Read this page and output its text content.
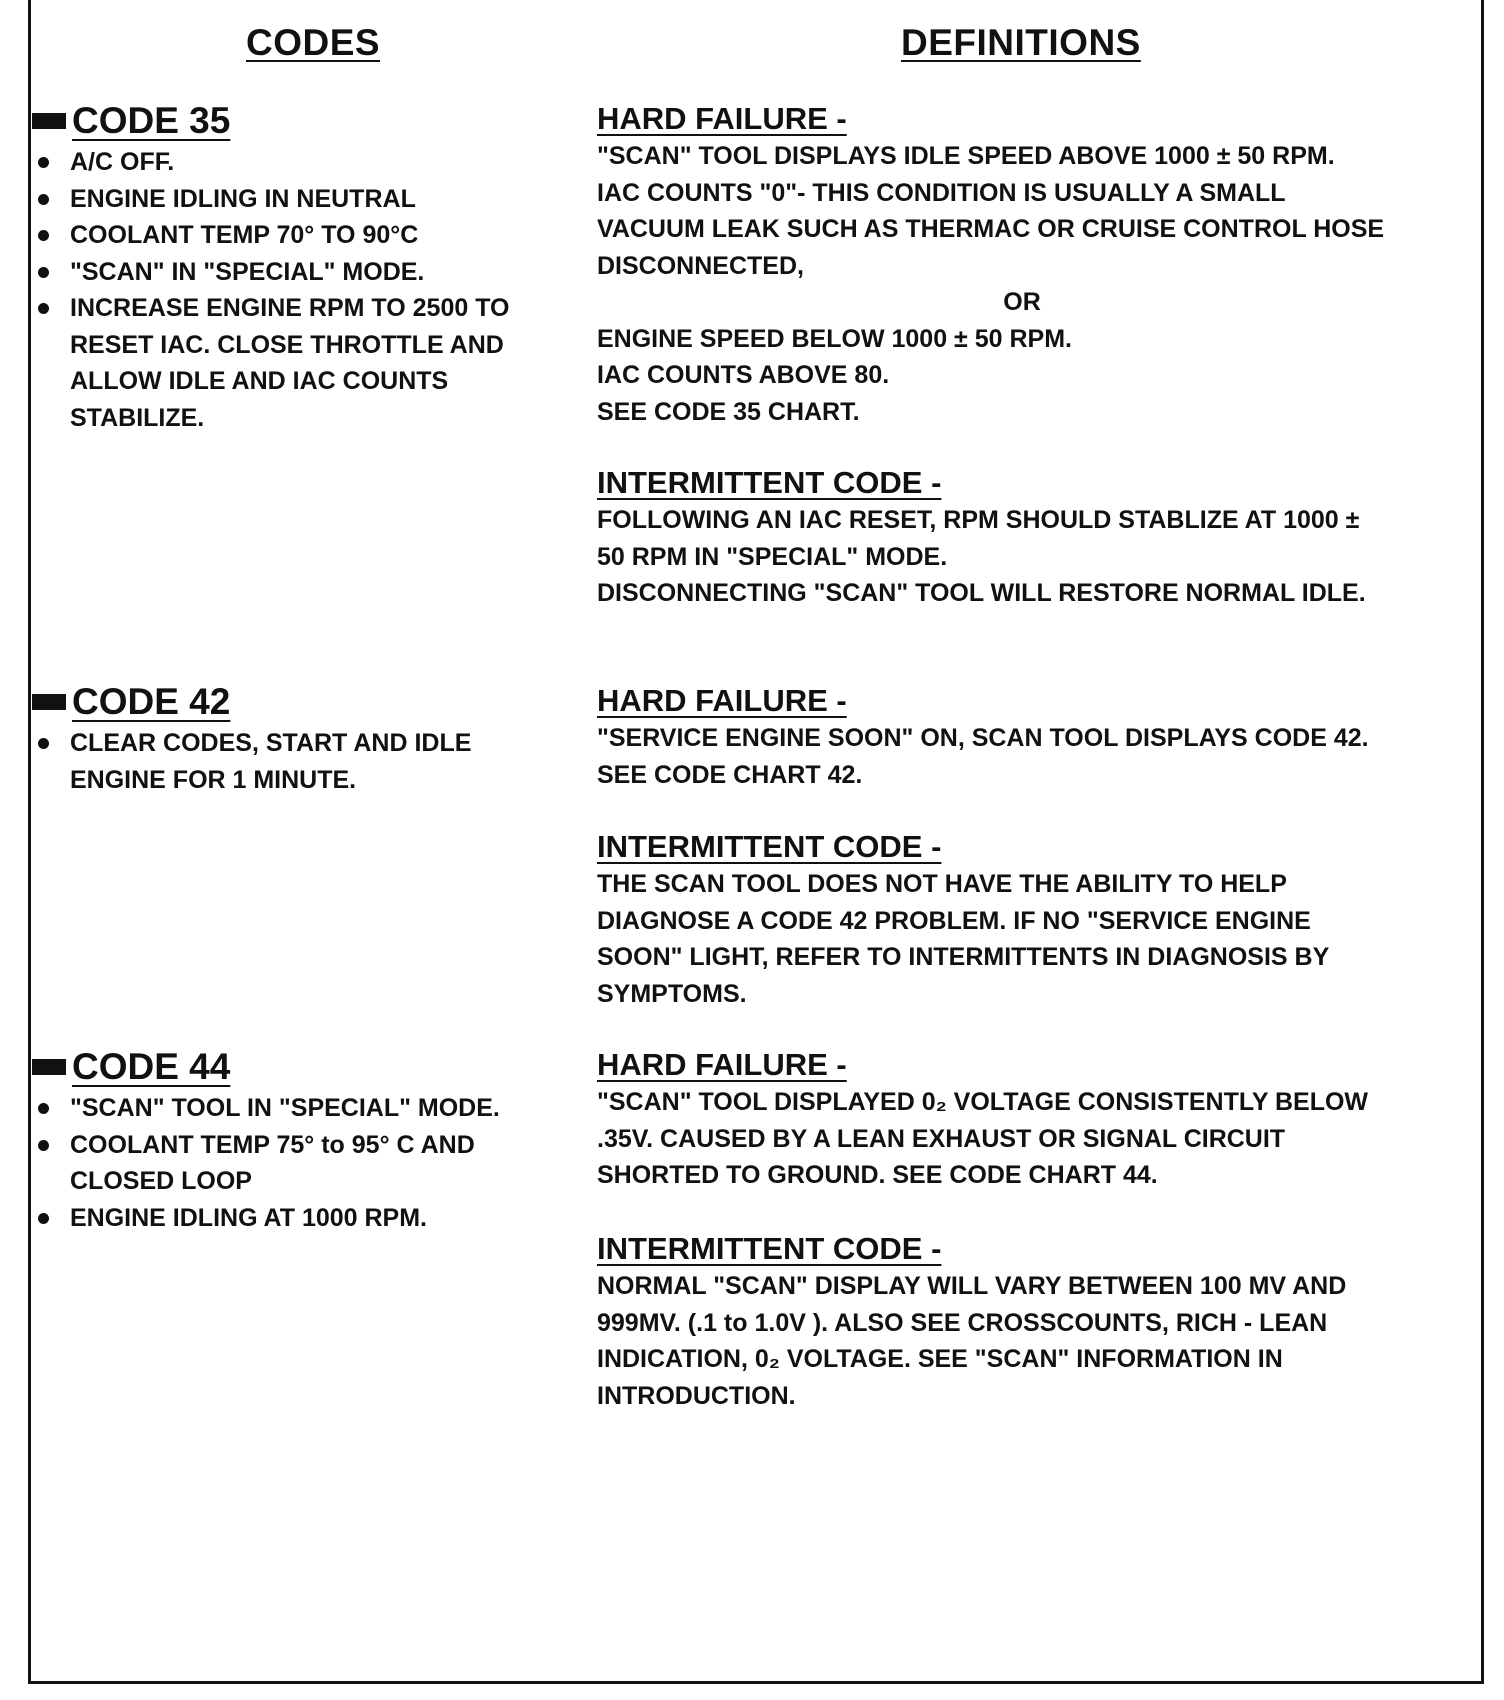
CODES	DEFINITIONS
CODE 35
A/C OFF.
ENGINE IDLING IN NEUTRAL
COOLANT TEMP 70° TO 90°C
"SCAN" IN "SPECIAL" MODE.
INCREASE ENGINE RPM TO 2500 TO RESET IAC. CLOSE THROTTLE AND ALLOW IDLE AND IAC COUNTS STABILIZE.
HARD FAILURE -
"SCAN" TOOL DISPLAYS IDLE SPEED ABOVE 1000 ± 50 RPM.
IAC COUNTS "0"- THIS CONDITION IS USUALLY A SMALL
VACUUM LEAK SUCH AS THERMAC OR CRUISE CONTROL HOSE
DISCONNECTED,
OR
ENGINE SPEED BELOW 1000 ± 50 RPM.
IAC COUNTS ABOVE 80.
SEE CODE 35 CHART.
INTERMITTENT CODE -
FOLLOWING AN IAC RESET, RPM SHOULD STABLIZE AT 1000 ±
50 RPM IN "SPECIAL" MODE.
DISCONNECTING "SCAN" TOOL WILL RESTORE NORMAL IDLE.
CODE 42
CLEAR CODES, START AND IDLE ENGINE FOR 1 MINUTE.
HARD FAILURE -
"SERVICE ENGINE SOON" ON, SCAN TOOL DISPLAYS CODE 42.
SEE CODE CHART 42.
INTERMITTENT CODE -
THE SCAN TOOL DOES NOT HAVE THE ABILITY TO HELP
DIAGNOSE A CODE 42 PROBLEM. IF NO "SERVICE ENGINE
SOON" LIGHT, REFER TO INTERMITTENTS IN DIAGNOSIS BY
SYMPTOMS.
CODE 44
"SCAN" TOOL IN "SPECIAL" MODE.
COOLANT TEMP 75° to 95° C AND CLOSED LOOP
ENGINE IDLING AT 1000 RPM.
HARD FAILURE -
"SCAN" TOOL DISPLAYED 0₂ VOLTAGE CONSISTENTLY BELOW
.35V. CAUSED BY A LEAN EXHAUST OR SIGNAL CIRCUIT
SHORTED TO GROUND. SEE CODE CHART 44.
INTERMITTENT CODE -
NORMAL "SCAN" DISPLAY WILL VARY BETWEEN 100 MV AND
999MV. (.1 to 1.0V ). ALSO SEE CROSSCOUNTS, RICH - LEAN
INDICATION, 0₂ VOLTAGE. SEE "SCAN" INFORMATION IN
INTRODUCTION.
